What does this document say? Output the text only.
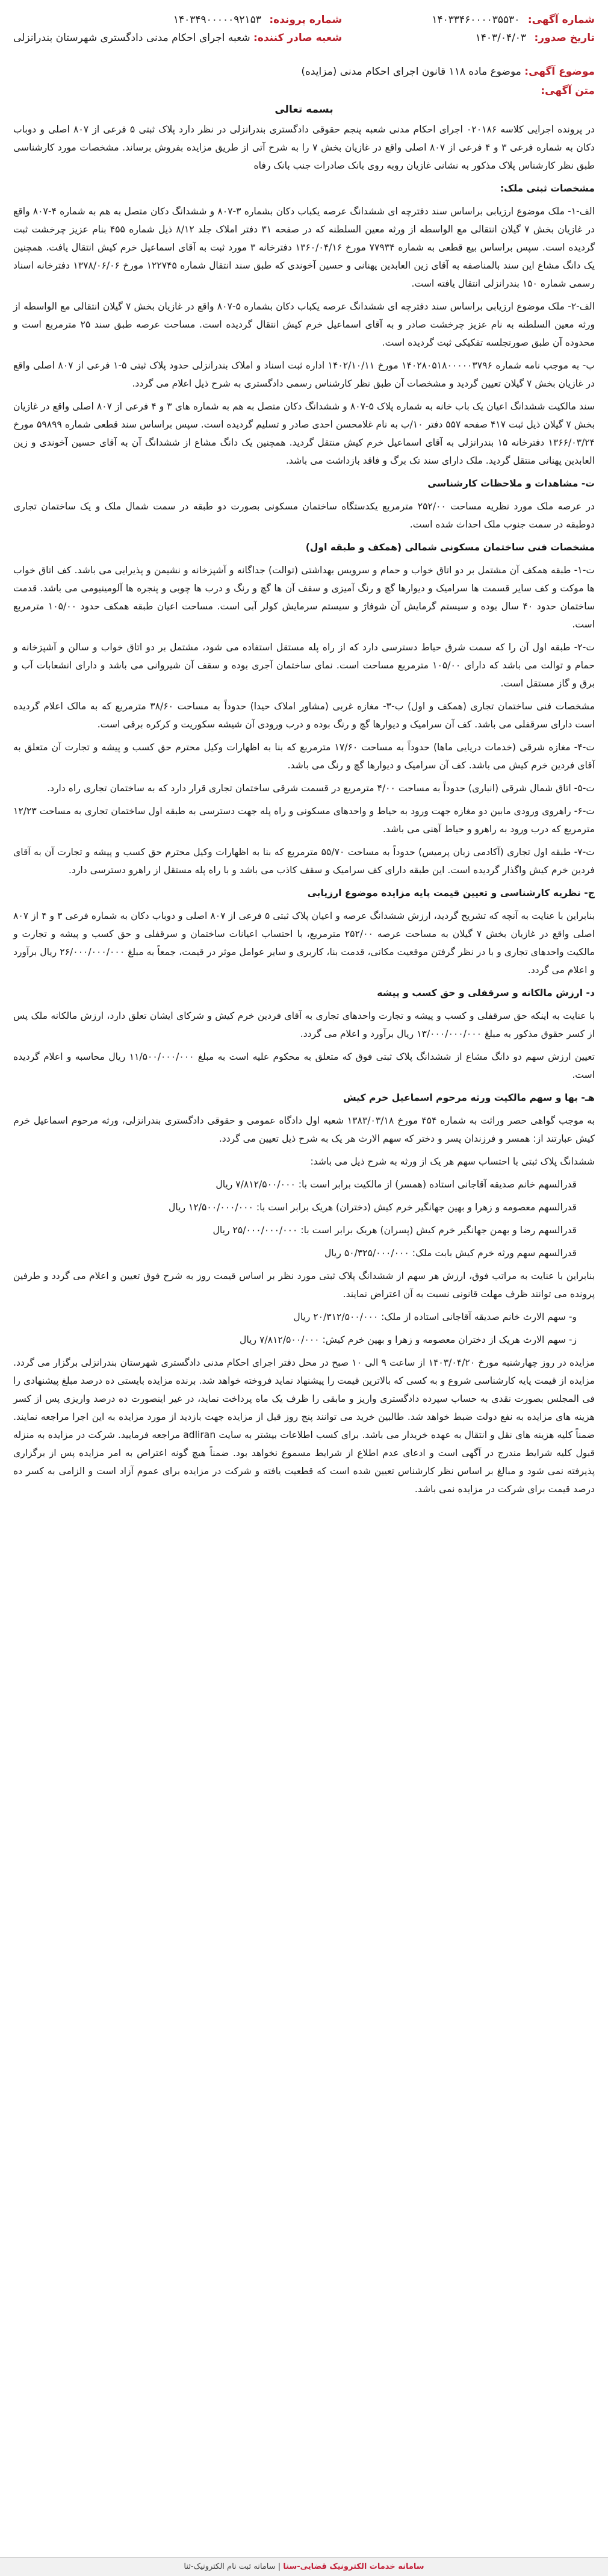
شماره آگهی: ۱۴۰۳۳۴۶۰۰۰۰۳۵۵۳۰
تاریخ صدور: ۱۴۰۳/۰۴/۰۳
شماره پرونده: ۱۴۰۳۴۹۰۰۰۰۰۹۲۱۵۳
شعبه صادر کننده: شعبه اجرای احکام مدنی دادگستری شهرستان بندرانزلی
موضوع آگهی: موضوع ماده ۱۱۸ قانون اجرای احکام مدنی (مزایده)
متن آگهی:
بسمه تعالی

در پرونده اجرایی کلاسه ۰۲۰۱۸۶ اجرای احکام مدنی شعبه پنجم حقوقی دادگستری بندرانزلی در نظر دارد پلاک ثبتی ۵ فرعی از ۸۰۷ اصلی و دوباب دکان به شماره فرعی ۳ و ۴ فرعی از ۸۰۷ اصلی واقع در غازیان بخش ۷ را به شرح آتی از طریق مزایده بفروش برساند. مشخصات مورد کارشناسی طبق نظر کارشناس پلاک مذکور به نشانی غازیان روبه روی بانک صادرات جنب بانک رفاه

مشخصات ثبتی ملک:

الف-۱- ملک موضوع ارزیابی براساس سند دفترچه ای ششدانگ عرصه یکباب دکان بشماره ۳-۸۰۷ و ششدانگ دکان متصل به هم به شماره ۴-۸۰۷ واقع در غازیان بخش ۷ گیلان انتقالی مع الواسطه از ورثه معین السلطنه که در صفحه ۳۱ دفتر املاک جلد ۸/۱۲ ذیل شماره ۴۵۵ بنام عزیز چرخشت ثبت گردیده است. سپس براساس بیع قطعی به شماره ۷۷۹۳۴ مورخ ۱۳۶۰/۰۴/۱۶ دفترخانه ۳ مورد ثبت به آقای اسماعیل خرم کیش انتقال یافت. همچنین یک دانگ مشاع این سند بالمناصفه به آقای زین العابدین پهنانی و حسین آخوندی که طبق سند انتقال شماره ۱۲۲۷۴۵ مورخ ۱۳۷۸/۰۶/۰۶ دفترخانه اسناد رسمی شماره ۱۵۰ بندرانزلی انتقال یافته است.

الف-۲- ملک موضوع ارزیابی براساس سند دفترچه ای ششدانگ عرصه یکباب دکان بشماره ۵-۸۰۷ واقع در غازیان بخش ۷ گیلان انتقالی مع الواسطه از ورثه معین السلطنه به نام عزیز چرخشت صادر و به آقای اسماعیل خرم کیش انتقال گردیده است. مساحت عرصه طبق سند ۲۵ مترمربع است و محدوده آن طبق صورتجلسه تفکیکی ثبت گردیده است.

ب- به موجب نامه شماره ۱۴۰۲۸۰۵۱۸۰۰۰۰۰۳۷۹۶ مورخ ۱۴۰۲/۱۰/۱۱ اداره ثبت اسناد و املاک بندرانزلی حدود پلاک ثبتی ۵-۱ فرعی از ۸۰۷ اصلی واقع در غازیان بخش ۷ گیلان تعیین گردید و مشخصات آن طبق نظر کارشناس رسمی دادگستری به شرح ذیل اعلام می گردد.

سند مالکیت ششدانگ اعیان یک باب خانه به شماره پلاک ۵-۸۰۷ و ششدانگ دکان متصل به هم به شماره های ۳ و ۴ فرعی از ۸۰۷ اصلی واقع در غازیان بخش ۷ گیلان ذیل ثبت ۴۱۷ صفحه ۵۵۷ دفتر ۱۰/ب به نام غلامحسن احدی صادر و تسلیم گردیده است. سپس براساس سند قطعی شماره ۵۹۸۹۹ مورخ ۱۳۶۶/۰۳/۲۴ دفترخانه ۱۵ بندرانزلی به آقای اسماعیل خرم کیش منتقل گردید. همچنین یک دانگ مشاع از ششدانگ آن به آقای حسین آخوندی و زین العابدین پهنانی منتقل گردید. ملک دارای سند تک برگ و فاقد بازداشت می باشد.

ت- مشاهدات و ملاحظات کارشناسی

در عرصه ملک مورد نظریه مساحت ۲۵۲/۰۰ مترمربع یکدستگاه ساختمان مسکونی بصورت دو طبقه در سمت شمال ملک و یک ساختمان تجاری دوطبقه در سمت جنوب ملک احداث شده است.

مشخصات فنی ساختمان مسکونی شمالی (همکف و طبقه اول)

ت-۱- طبقه همکف آن مشتمل بر دو اتاق خواب و حمام و سرویس بهداشتی (توالت) جداگانه و آشپزخانه و نشیمن و پذیرایی می باشد. کف اتاق خواب ها موکت و کف سایر قسمت ها سرامیک و دیوارها گچ و رنگ آمیزی و سقف آن ها گچ و رنگ و درب ها چوبی و پنجره ها آلومینیومی می باشد. قدمت ساختمان حدود ۴۰ سال بوده و سیستم گرمایش آن شوفاژ و سیستم سرمایش کولر آبی است. مساحت اعیان طبقه همکف حدود ۱۰۵/۰۰ مترمربع است.

ت-۲- طبقه اول آن را که سمت شرق حیاط دسترسی دارد که از راه پله مستقل استفاده می شود، مشتمل بر دو اتاق خواب و سالن و آشپزخانه و حمام و توالت می باشد که دارای ۱۰۵/۰۰ مترمربع مساحت است. نمای ساختمان آجری بوده و سقف آن شیروانی می باشد و دارای انشعابات آب و برق و گاز مستقل است.

مشخصات فنی ساختمان تجاری (همکف و اول) ب-۳- مغازه غربی (مشاور املاک حیدا) حدوداً به مساحت ۳۸/۶۰ مترمربع که به مالک اعلام گردیده است دارای سرقفلی می باشد. کف آن سرامیک و دیوارها گچ و رنگ بوده و درب ورودی آن شیشه سکوریت و کرکره برقی است.

ت-۴- مغازه شرقی (خدمات دریایی ماها) حدوداً به مساحت ۱۷/۶۰ مترمربع که بنا به اظهارات وکیل محترم حق کسب و پیشه و تجارت آن متعلق به آقای فردین خرم کیش می باشد. کف آن سرامیک و دیوارها گچ و رنگ می باشد.

ت-۵- اتاق شمال شرقی (انباری) حدوداً به مساحت ۴/۰۰ مترمربع در قسمت شرقی ساختمان تجاری قرار دارد که به ساختمان تجاری راه دارد.

ت-۶- راهروی ورودی مابین دو مغازه جهت ورود به حیاط و واحدهای مسکونی و راه پله جهت دسترسی به طبقه اول ساختمان تجاری به مساحت ۱۲/۲۳ مترمربع که درب ورود به راهرو و حیاط آهنی می باشد.

ت-۷- طبقه اول تجاری (آکادمی زبان پرمیس) حدوداً به مساحت ۵۵/۷۰ مترمربع که بنا به اظهارات وکیل محترم حق کسب و پیشه و تجارت آن به آقای فردین خرم کیش واگذار گردیده است. این طبقه دارای کف سرامیک و سقف کاذب می باشد و با راه پله مستقل از راهرو دسترسی دارد.

ج- نظریه کارشناسی و تعیین قیمت پایه مزایده موضوع ارزیابی

بنابراین با عنایت به آنچه که تشریح گردید، ارزش ششدانگ عرصه و اعیان پلاک ثبتی ۵ فرعی از ۸۰۷ اصلی و دوباب دکان به شماره فرعی ۳ و ۴ از ۸۰۷ اصلی واقع در غازیان بخش ۷ گیلان به مساحت عرصه ۲۵۲/۰۰ مترمربع، با احتساب اعیانات ساختمان و سرقفلی و حق کسب و پیشه و تجارت و مالکیت واحدهای تجاری و با در نظر گرفتن موقعیت مکانی، قدمت بنا، کاربری و سایر عوامل موثر در قیمت، جمعاً به مبلغ ۲۶/۰۰۰/۰۰۰/۰۰۰ ریال برآورد و اعلام می گردد.

د- ارزش مالکانه و سرقفلی و حق کسب و پیشه

با عنایت به اینکه حق سرقفلی و کسب و پیشه و تجارت واحدهای تجاری به آقای فردین خرم کیش و شرکای ایشان تعلق دارد، ارزش مالکانه ملک پس از کسر حقوق مذکور به مبلغ ۱۳/۰۰۰/۰۰۰/۰۰۰ ریال برآورد و اعلام می گردد.

تعیین ارزش سهم دو دانگ مشاع از ششدانگ پلاک ثبتی فوق که متعلق به محکوم علیه است به مبلغ ۱۱/۵۰۰/۰۰۰/۰۰۰ ریال محاسبه و اعلام گردیده است.

هـ- بها و سهم مالکیت ورثه مرحوم اسماعیل خرم کیش

به موجب گواهی حصر وراثت به شماره ۴۵۴ مورخ ۱۳۸۳/۰۳/۱۸ شعبه اول دادگاه عمومی و حقوقی دادگستری بندرانزلی، ورثه مرحوم اسماعیل خرم کیش عبارتند از: همسر و فرزندان پسر و دختر که سهم الارث هر یک به شرح ذیل تعیین می گردد.

ششدانگ پلاک ثبتی با احتساب سهم هر یک از ورثه به شرح ذیل می باشد:

قدرالسهم خانم صدیقه آقاجانی استاده (همسر) از مالکیت برابر است با: ۷/۸۱۲/۵۰۰/۰۰۰ ریال

قدرالسهم معصومه و زهرا و بهین جهانگیر خرم کیش (دختران) هریک برابر است با: ۱۲/۵۰۰/۰۰۰/۰۰۰ ریال

قدرالسهم رضا و بهمن جهانگیر خرم کیش (پسران) هریک برابر است با: ۲۵/۰۰۰/۰۰۰/۰۰۰ ریال

قدرالسهم سهم ورثه خرم کیش بابت ملک: ۵۰/۳۲۵/۰۰۰/۰۰۰ ریال

بنابراین با عنایت به مراتب فوق، ارزش هر سهم از ششدانگ پلاک ثبتی مورد نظر بر اساس قیمت روز به شرح فوق تعیین و اعلام می گردد و طرفین پرونده می توانند ظرف مهلت قانونی نسبت به آن اعتراض نمایند.

و- سهم الارث خانم صدیقه آقاجانی استاده از ملک: ۲۰/۳۱۲/۵۰۰/۰۰۰ ریال

ز- سهم الارث هریک از دختران معصومه و زهرا و بهین خرم کیش: ۷/۸۱۲/۵۰۰/۰۰۰ ریال

مزایده در روز چهارشنبه مورخ ۱۴۰۳/۰۴/۲۰ از ساعت ۹ الی ۱۰ صبح در محل دفتر اجرای احکام مدنی دادگستری شهرستان بندرانزلی برگزار می گردد. مزایده از قیمت پایه کارشناسی شروع و به کسی که بالاترین قیمت را پیشنهاد نماید فروخته خواهد شد. برنده مزایده بایستی ده درصد مبلغ پیشنهادی را فی المجلس بصورت نقدی به حساب سپرده دادگستری واریز و مابقی را ظرف یک ماه پرداخت نماید، در غیر اینصورت ده درصد واریزی پس از کسر هزینه های مزایده به نفع دولت ضبط خواهد شد. طالبین خرید می توانند پنج روز قبل از مزایده جهت بازدید از مورد مزایده به این اجرا مراجعه نمایند. ضمناً کلیه هزینه های نقل و انتقال به عهده خریدار می باشد. برای کسب اطلاعات بیشتر به سایت adliran مراجعه فرمایید. شرکت در مزایده به منزله قبول کلیه شرایط مندرج در آگهی است و ادعای عدم اطلاع از شرایط مسموع نخواهد بود. ضمناً هیچ گونه اعتراض به امر مزایده پس از برگزاری پذیرفته نمی شود و مبالغ بر اساس نظر کارشناس تعیین شده است که قطعیت یافته و شرکت در مزایده برای عموم آزاد است و الزامی به کسر ده درصد قیمت برای شرکت در مزایده نمی باشد.

سامانه خدمات الکترونیک قضایی-سنا | سامانه ثبت نام الکترونیک-ثنا
